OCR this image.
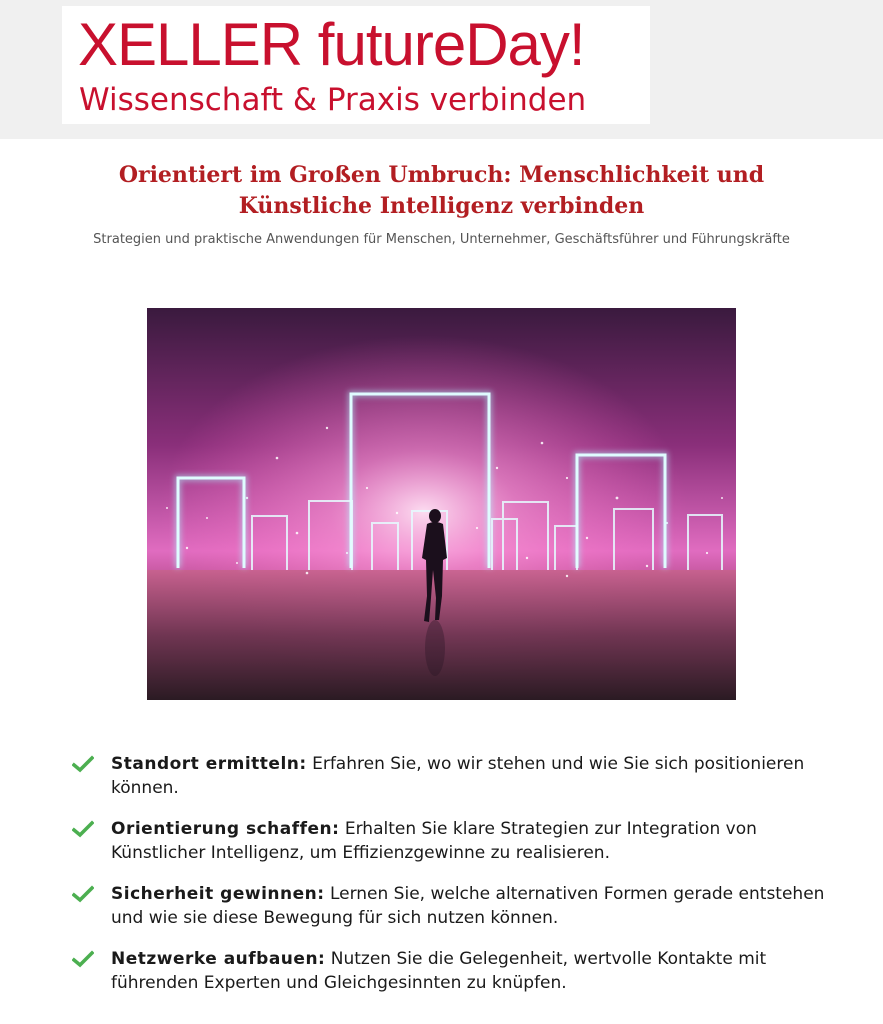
XELLER futureDay!
Wissenschaft & Praxis verbinden
Orientiert im Großen Umbruch: Menschlichkeit und Künstliche Intelligenz verbinden

Strategien und praktische Anwendungen für Menschen, Unternehmer, Geschäftsführer und Führungskräfte

Standort ermitteln: Erfahren Sie, wo wir stehen und wie Sie sich positionieren können.
Orientierung schaffen: Erhalten Sie klare Strategien zur Integration von Künstlicher Intelligenz, um Effizienzgewinne zu realisieren.
Sicherheit gewinnen: Lernen Sie, welche alternativen Formen gerade entstehen und wie sie diese Bewegung für sich nutzen können.
Netzwerke aufbauen: Nutzen Sie die Gelegenheit, wertvolle Kontakte mit führenden Experten und Gleichgesinnten zu knüpfen.
